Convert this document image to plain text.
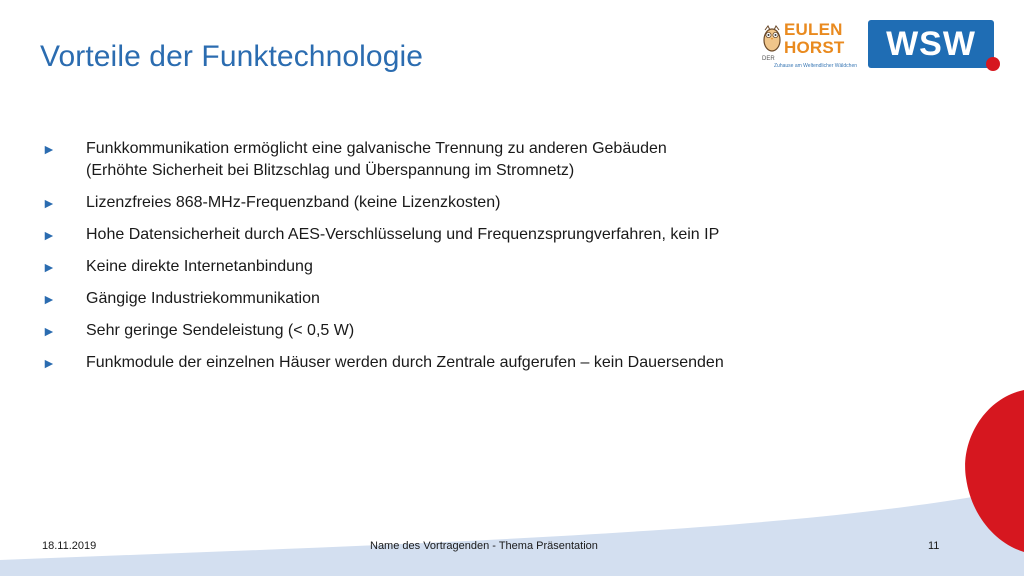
Vorteile der Funktechnologie
EULEN
HORST
DER
Zuhause am Weltendlicher Wäldchen
WSW
► Funkkommunikation ermöglicht eine galvanische Trennung zu anderen Gebäuden
(Erhöhte Sicherheit bei Blitzschlag und Überspannung im Stromnetz)
► Lizenzfreies 868-MHz-Frequenzband (keine Lizenzkosten)
► Hohe Datensicherheit durch AES-Verschlüsselung und Frequenzsprungverfahren, kein IP
► Keine direkte Internetanbindung
► Gängige Industriekommunikation
► Sehr geringe Sendeleistung (< 0,5 W)
► Funkmodule der einzelnen Häuser werden durch Zentrale aufgerufen – kein Dauersenden
18.11.2019	Name des Vortragenden - Thema Präsentation	11
